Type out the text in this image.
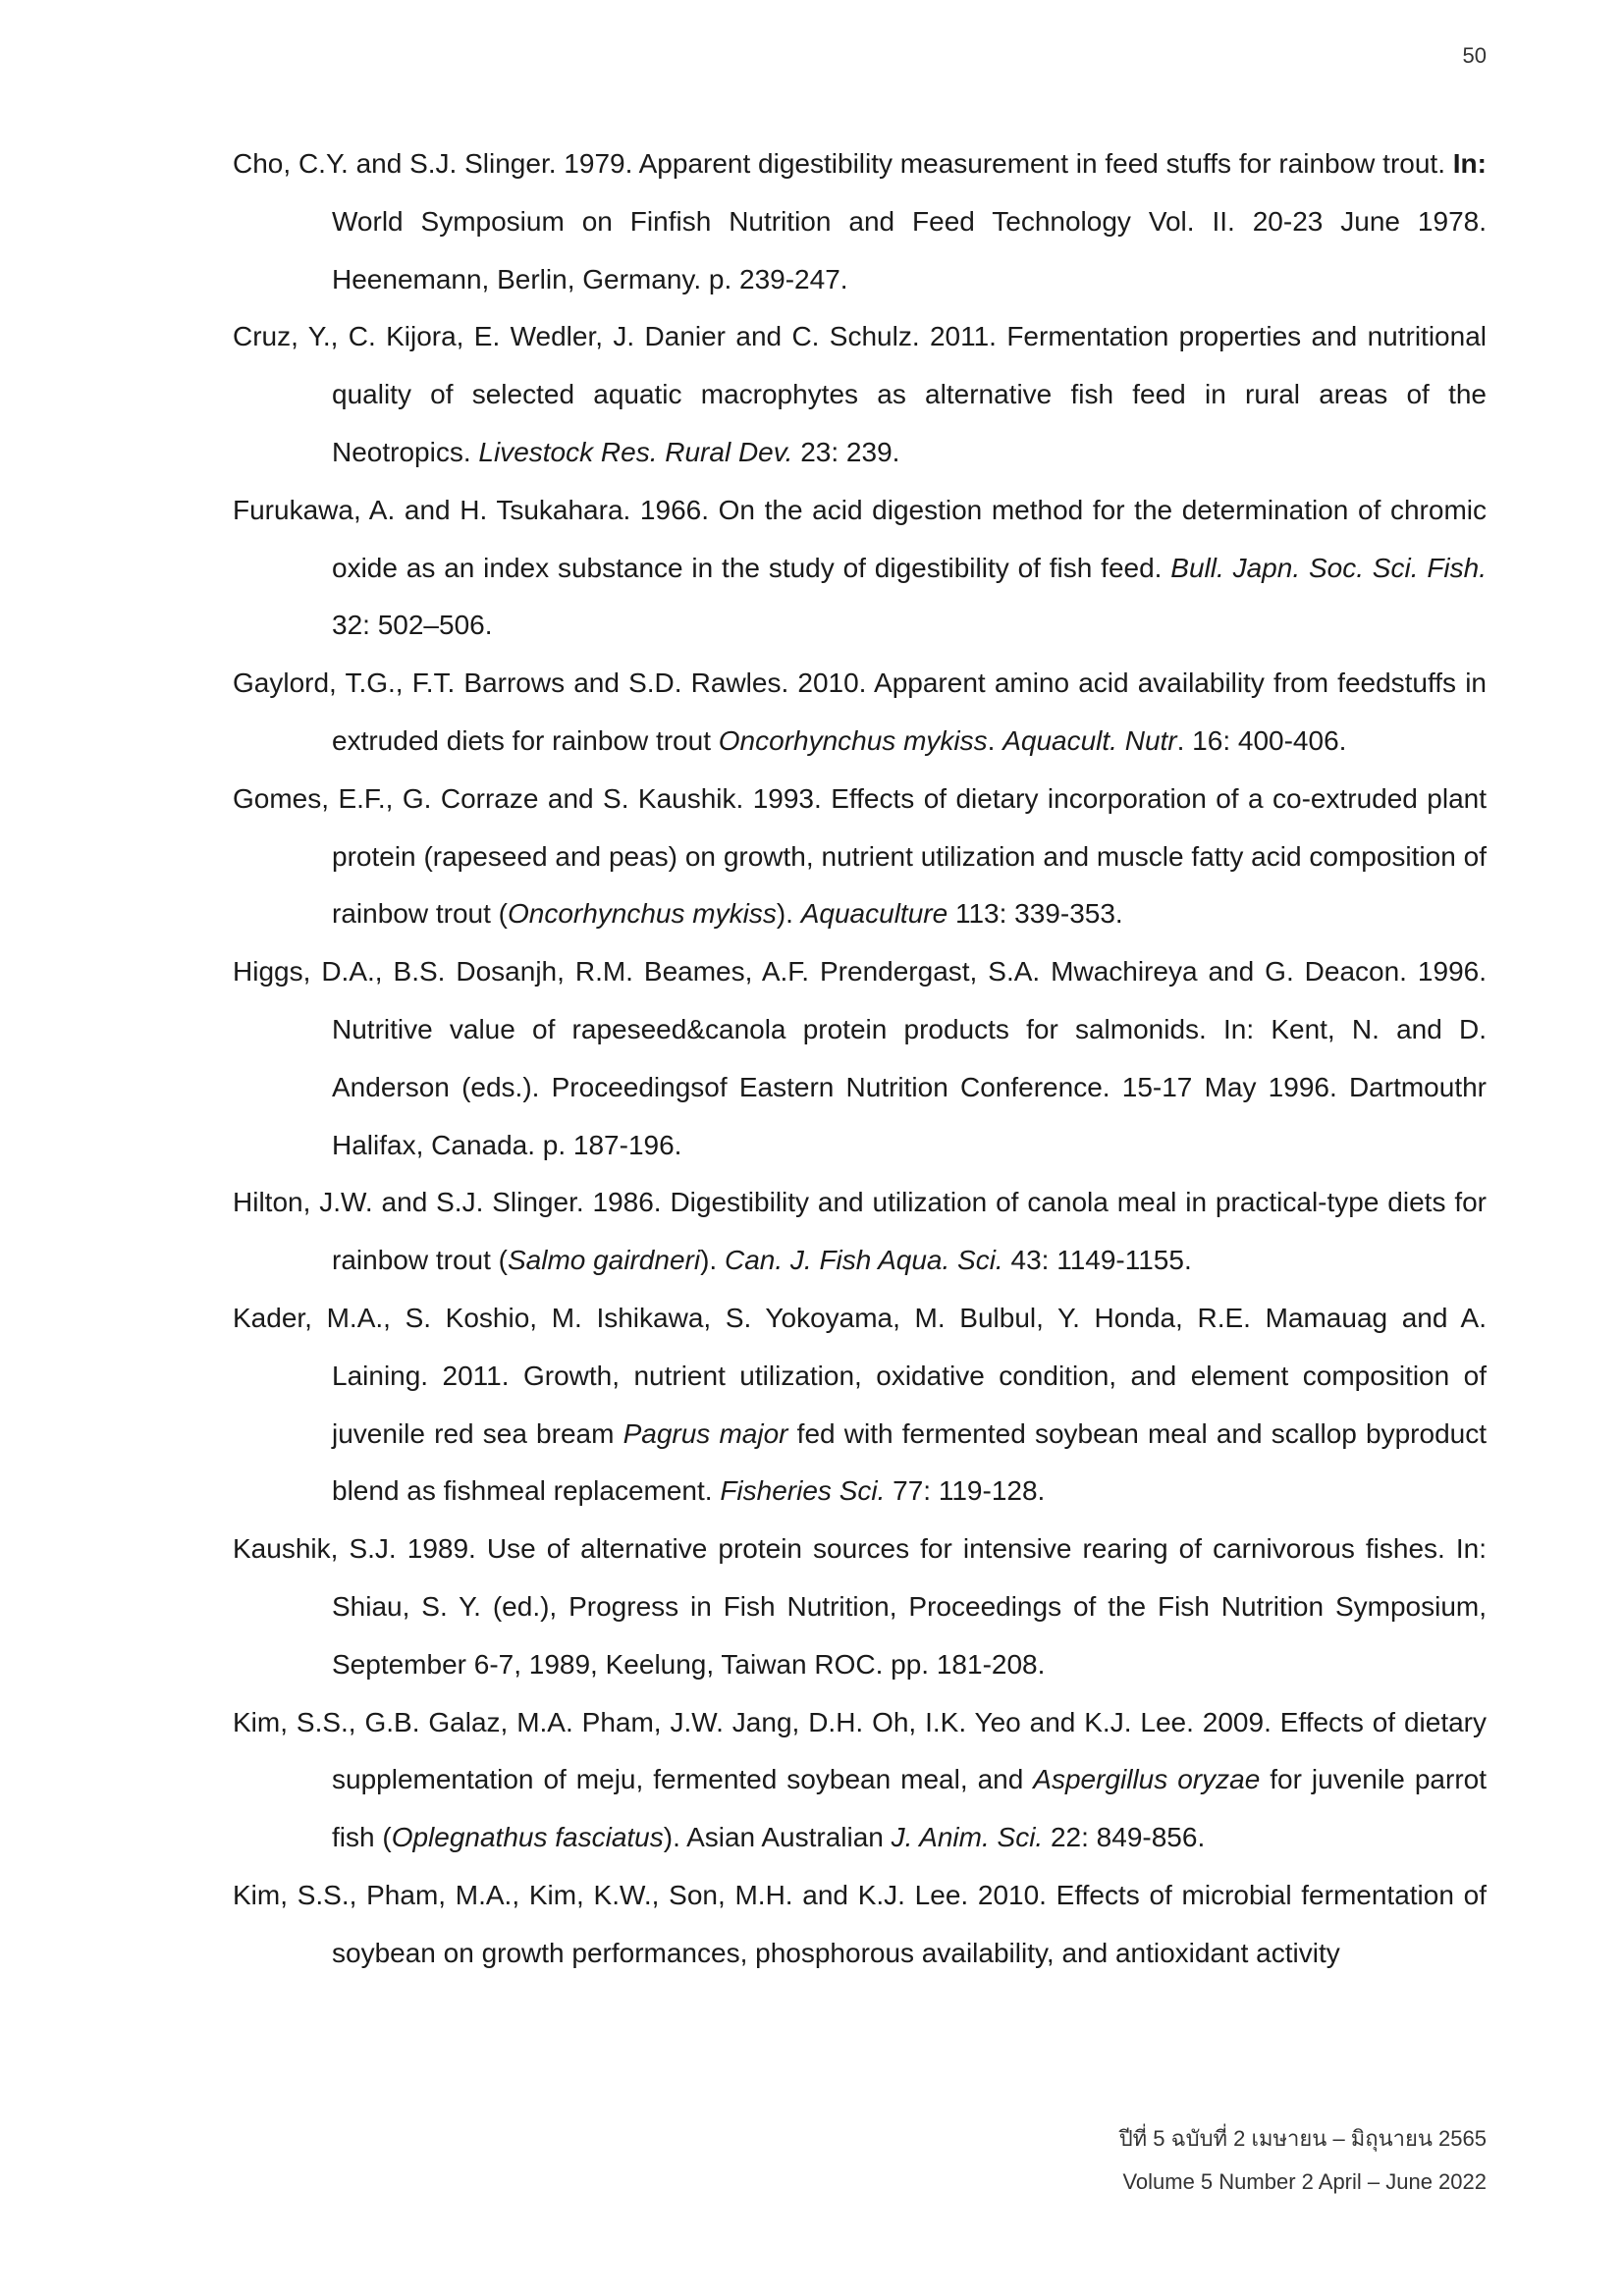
50

Cho, C.Y. and S.J. Slinger. 1979. Apparent digestibility measurement in feed stuffs for rainbow trout. In: World Symposium on Finfish Nutrition and Feed Technology Vol. II. 20-23 June 1978. Heenemann, Berlin, Germany. p. 239-247.

Cruz, Y., C. Kijora, E. Wedler, J. Danier and C. Schulz. 2011. Fermentation properties and nutritional quality of selected aquatic macrophytes as alternative fish feed in rural areas of the Neotropics. Livestock Res. Rural Dev. 23: 239.

Furukawa, A. and H. Tsukahara. 1966. On the acid digestion method for the determination of chromic oxide as an index substance in the study of digestibility of fish feed. Bull. Japn. Soc. Sci. Fish. 32: 502–506.

Gaylord, T.G., F.T. Barrows and S.D. Rawles. 2010. Apparent amino acid availability from feedstuffs in extruded diets for rainbow trout Oncorhynchus mykiss. Aquacult. Nutr. 16: 400-406.

Gomes, E.F., G. Corraze and S. Kaushik. 1993. Effects of dietary incorporation of a co-extruded plant protein (rapeseed and peas) on growth, nutrient utilization and muscle fatty acid composition of rainbow trout (Oncorhynchus mykiss). Aquaculture 113: 339-353.

Higgs, D.A., B.S. Dosanjh, R.M. Beames, A.F. Prendergast, S.A. Mwachireya and G. Deacon. 1996. Nutritive value of rapeseed&canola protein products for salmonids. In: Kent, N. and D. Anderson (eds.). Proceedingsof Eastern Nutrition Conference. 15-17 May 1996. Dartmouthr Halifax, Canada. p. 187-196.

Hilton, J.W. and S.J. Slinger. 1986. Digestibility and utilization of canola meal in practical-type diets for rainbow trout (Salmo gairdneri). Can. J. Fish Aqua. Sci. 43: 1149-1155.

Kader, M.A., S. Koshio, M. Ishikawa, S. Yokoyama, M. Bulbul, Y. Honda, R.E. Mamauag and A. Laining. 2011. Growth, nutrient utilization, oxidative condition, and element composition of juvenile red sea bream Pagrus major fed with fermented soybean meal and scallop byproduct blend as fishmeal replacement. Fisheries Sci. 77: 119-128.

Kaushik, S.J. 1989. Use of alternative protein sources for intensive rearing of carnivorous fishes. In: Shiau, S. Y. (ed.), Progress in Fish Nutrition, Proceedings of the Fish Nutrition Symposium, September 6-7, 1989, Keelung, Taiwan ROC. pp. 181-208.

Kim, S.S., G.B. Galaz, M.A. Pham, J.W. Jang, D.H. Oh, I.K. Yeo and K.J. Lee. 2009. Effects of dietary supplementation of meju, fermented soybean meal, and Aspergillus oryzae for juvenile parrot fish (Oplegnathus fasciatus). Asian Australian J. Anim. Sci. 22: 849-856.

Kim, S.S., Pham, M.A., Kim, K.W., Son, M.H. and K.J. Lee. 2010. Effects of microbial fermentation of soybean on growth performances, phosphorous availability, and antioxidant activity

ปีที่ 5 ฉบับที่ 2 เมษายน – มิถุนายน 2565
Volume 5 Number 2 April – June 2022
